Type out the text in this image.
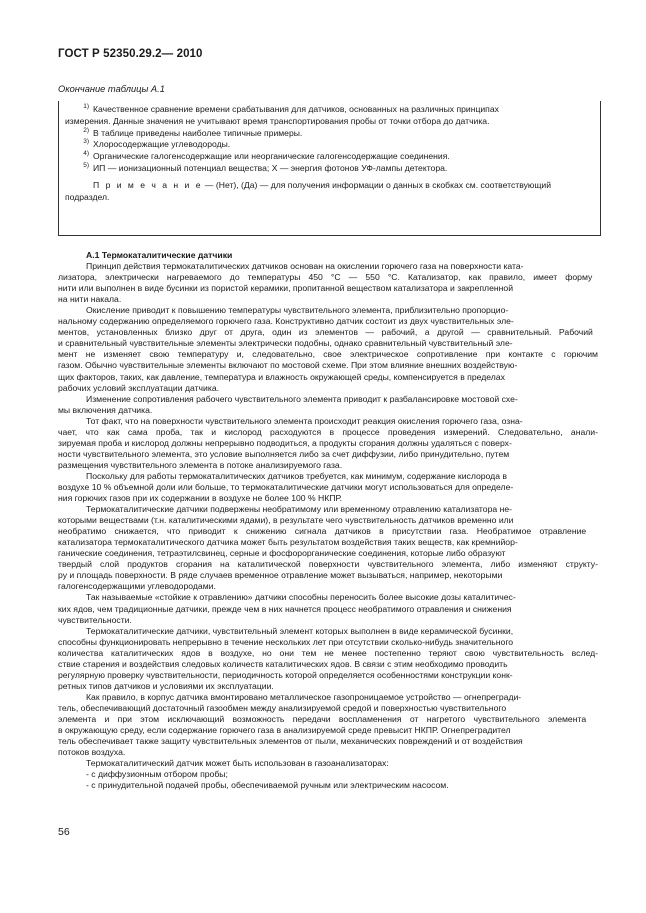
ГОСТ Р 52350.29.2— 2010
Окончание таблицы А.1

$^{1)}$ Качественное сравнение времени срабатывания для датчиков, основанных на различных принципах

измерения. Данные значения не учитывают время транспортирования пробы от точки отбора до датчика.

$^{2)}$ В таблице приведены наиболее типичные примеры.

$^{3)}$ Хлоросодержащие углеводороды.

$^{4)}$ Органические галогенсодержащие или неорганические галогенсодержащие соединения.

$^{5)}$ ИП — ионизационный потенциал вещества; Х — энергия фотонов УФ-лампы детектора.

П р и м е ч а н и е — (Нет), (Да) — для получения информации о данных в скобках см. соответствующий

подраздел.

А.1 Термокаталитические датчики

Принцип действия термокаталитических датчиков основан на окислении горючего газа на поверхности ката-
лизатора, электрически нагреваемого до температуры 450 °С — 550 °С. Катализатор, как правило, имеет форму
нити или выполнен в виде бусинки из пористой керамики, пропитанной веществом катализатора и закрепленной
на нити накала.

Окисление приводит к повышению температуры чувствительного элемента, приблизительно пропорцио-
нальному содержанию определяемого горючего газа. Конструктивно датчик состоит из двух чувствительных эле-
ментов, установленных близко друг от друга, один из элементов — рабочий, а другой — сравнительный. Рабочий
и сравнительный чувствительные элементы электрически подобны, однако сравнительный чувствительный эле-
мент не изменяет свою температуру и, следовательно, свое электрическое сопротивление при контакте с горючим
газом. Обычно чувствительные элементы включают по мостовой схеме. При этом влияние внешних воздействую-
щих факторов, таких, как давление, температура и влажность окружающей среды, компенсируется в пределах
рабочих условий эксплуатации датчика.

Изменение сопротивления рабочего чувствительного элемента приводит к разбалансировке мостовой схе-
мы включения датчика.

Тот факт, что на поверхности чувствительного элемента происходит реакция окисления горючего газа, озна-
чает, что как сама проба, так и кислород расходуются в процессе проведения измерений. Следовательно, анали-
зируемая проба и кислород должны непрерывно подводиться, а продукты сгорания должны удаляться с поверх-
ности чувствительного элемента, это условие выполняется либо за счет диффузии, либо принудительно, путем
размещения чувствительного элемента в потоке анализируемого газа.

Поскольку для работы термокаталитических датчиков требуется, как минимум, содержание кислорода в
воздухе 10 % объемной доли или больше, то термокаталитические датчики могут использоваться для определе-
ния горючих газов при их содержании в воздухе не более 100 % НКПР.

Термокаталитические датчики подвержены необратимому или временному отравлению катализатора не-
которыми веществами (т.н. каталитическими ядами), в результате чего чувствительность датчиков временно или
необратимо снижается, что приводит к снижению сигнала датчиков в присутствии газа. Необратимое отравление
катализатора термокаталитического датчика может быть результатом воздействия таких веществ, как кремнийор-
ганические соединения, тетраэтилсвинец, серные и фосфорорганические соединения, которые либо образуют
твердый слой продуктов сгорания на каталитической поверхности чувствительного элемента, либо изменяют структу-
ру и площадь поверхности. В ряде случаев временное отравление может вызываться, например, некоторыми
галогенсодержащими углеводородами.

Так называемые «стойкие к отравлению» датчики способны переносить более высокие дозы каталитичес-
ких ядов, чем традиционные датчики, прежде чем в них начнется процесс необратимого отравления и снижения
чувствительности.

Термокаталитические датчики, чувствительный элемент которых выполнен в виде керамической бусинки,
способны функционировать непрерывно в течение нескольких лет при отсутствии сколько-нибудь значительного
количества каталитических ядов в воздухе, но они тем не менее постепенно теряют свою чувствительность вслед-
ствие старения и воздействия следовых количеств каталитических ядов. В связи с этим необходимо проводить
регулярную проверку чувствительности, периодичность которой определяется особенностями конструкции конк-
ретных типов датчиков и условиями их эксплуатации.

Как правило, в корпус датчика вмонтировано металлическое газопроницаемое устройство — огнепрегради-
тель, обеспечивающий достаточный газообмен между анализируемой средой и поверхностью чувствительного
элемента и при этом исключающий возможность передачи воспламенения от нагретого чувствительного элемента
в окружающую среду, если содержание горючего газа в анализируемой среде превысит НКПР. Огнепреградител
тель обеспечивает также защиту чувствительных элементов от пыли, механических повреждений и от воздействия
потоков воздуха.

Термокаталитический датчик может быть использован в газоанализаторах:

- с диффузионным отбором пробы;

- с принудительной подачей пробы, обеспечиваемой ручным или электрическим насосом.

56
